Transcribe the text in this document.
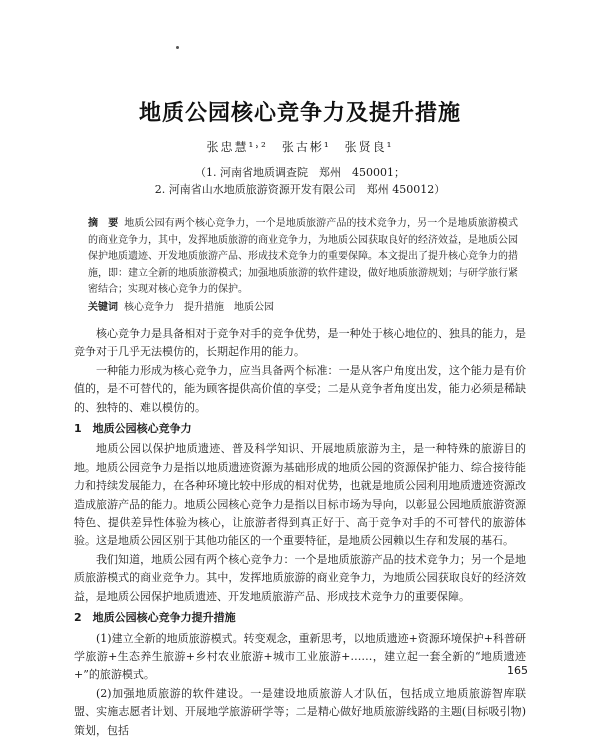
地质公园核心竞争力及提升措施
张忠慧¹˒²　张古彬¹　张贤良¹
（1. 河南省地质调查院　郑州　450001；
2. 河南省山水地质旅游资源开发有限公司　郑州 450012）
摘　要 地质公园有两个核心竞争力，一个是地质旅游产品的技术竞争力，另一个是地质旅游模式的商业竞争力，其中，发挥地质旅游的商业竞争力，为地质公园获取良好的经济效益，是地质公园保护地质遗迹、开发地质旅游产品、形成技术竞争力的重要保障。本文提出了提升核心竞争力的措施，即：建立全新的地质旅游模式；加强地质旅游的软件建设，做好地质旅游规划；与研学旅行紧密结合；实现对核心竞争力的保护。
关键词 核心竞争力　提升措施　地质公园

核心竞争力是具备相对于竞争对手的竞争优势，是一种处于核心地位的、独具的能力，是竞争对于几乎无法模仿的，长期起作用的能力。

一种能力形成为核心竞争力，应当具备两个标准：一是从客户角度出发，这个能力是有价值的，是不可替代的，能为顾客提供高价值的享受；二是从竞争者角度出发，能力必须是稀缺的、独特的、难以模仿的。

1　地质公园核心竞争力

地质公园以保护地质遗迹、普及科学知识、开展地质旅游为主，是一种特殊的旅游目的地。地质公园竞争力是指以地质遗迹资源为基础形成的地质公园的资源保护能力、综合接待能力和持续发展能力，在各种环境比较中形成的相对优势，也就是地质公园利用地质遗迹资源改造成旅游产品的能力。地质公园核心竞争力是指以目标市场为导向，以彰显公园地质旅游资源特色、提供差异性体验为核心，让旅游者得到真正好于、高于竞争对手的不可替代的旅游体验。这是地质公园区别于其他功能区的一个重要特征，是地质公园赖以生存和发展的基石。

我们知道，地质公园有两个核心竞争力：一个是地质旅游产品的技术竞争力；另一个是地质旅游模式的商业竞争力。其中，发挥地质旅游的商业竞争力，为地质公园获取良好的经济效益，是地质公园保护地质遗迹、开发地质旅游产品、形成技术竞争力的重要保障。

2　地质公园核心竞争力提升措施

(1)建立全新的地质旅游模式。转变观念，重新思考，以地质遗迹+资源环境保护+科普研学旅游+生态养生旅游+乡村农业旅游+城市工业旅游+……，建立起一套全新的“地质遗迹+”的旅游模式。

(2)加强地质旅游的软件建设。一是建设地质旅游人才队伍，包括成立地质旅游智库联盟、实施志愿者计划、开展地学旅游研学等；二是精心做好地质旅游线路的主题(目标吸引物)策划，包括

165
